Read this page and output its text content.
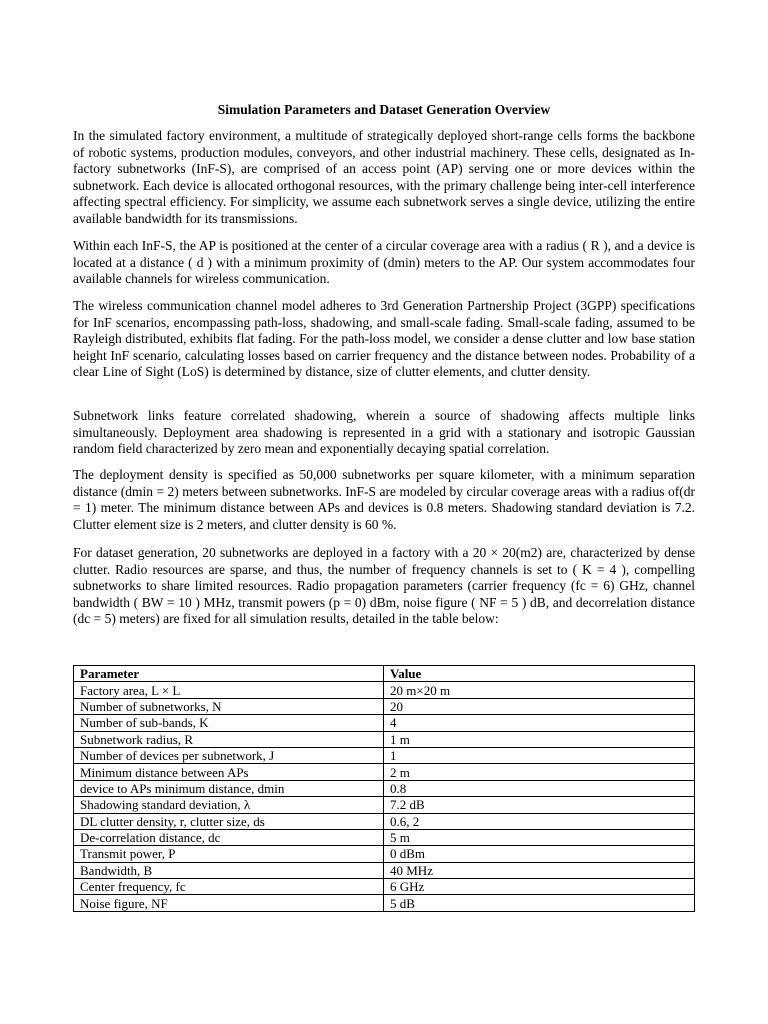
Simulation Parameters and Dataset Generation Overview

In the simulated factory environment, a multitude of strategically deployed short-range cells forms the backbone of robotic systems, production modules, conveyors, and other industrial machinery. These cells, designated as In-factory subnetworks (InF-S), are comprised of an access point (AP) serving one or more devices within the subnetwork. Each device is allocated orthogonal resources, with the primary challenge being inter-cell interference affecting spectral efficiency. For simplicity, we assume each subnetwork serves a single device, utilizing the entire available bandwidth for its transmissions.

Within each InF-S, the AP is positioned at the center of a circular coverage area with a radius ( R ), and a device is located at a distance ( d ) with a minimum proximity of (dmin) meters to the AP. Our system accommodates four available channels for wireless communication.

The wireless communication channel model adheres to 3rd Generation Partnership Project (3GPP) specifications for InF scenarios, encompassing path-loss, shadowing, and small-scale fading. Small-scale fading, assumed to be Rayleigh distributed, exhibits flat fading. For the path-loss model, we consider a dense clutter and low base station height InF scenario, calculating losses based on carrier frequency and the distance between nodes. Probability of a clear Line of Sight (LoS) is determined by distance, size of clutter elements, and clutter density.

Subnetwork links feature correlated shadowing, wherein a source of shadowing affects multiple links simultaneously. Deployment area shadowing is represented in a grid with a stationary and isotropic Gaussian random field characterized by zero mean and exponentially decaying spatial correlation.

The deployment density is specified as 50,000 subnetworks per square kilometer, with a minimum separation distance (dmin = 2) meters between subnetworks. InF-S are modeled by circular coverage areas with a radius of(dr = 1) meter. The minimum distance between APs and devices is 0.8 meters. Shadowing standard deviation is 7.2. Clutter element size is 2 meters, and clutter density is 60 %.

For dataset generation, 20 subnetworks are deployed in a factory with a 20 × 20(m2) are, characterized by dense clutter. Radio resources are sparse, and thus, the number of frequency channels is set to ( K = 4 ), compelling subnetworks to share limited resources. Radio propagation parameters (carrier frequency (fc = 6) GHz, channel bandwidth ( BW = 10 ) MHz, transmit powers (p = 0) dBm, noise figure ( NF = 5 ) dB, and decorrelation distance (dc = 5) meters) are fixed for all simulation results, detailed in the table below:

Parameter	Value
Factory area, L × L	20 m×20 m
Number of subnetworks, N	20
Number of sub-bands, K	4
Subnetwork radius, R	1 m
Number of devices per subnetwork, J	1
Minimum distance between APs	2 m
device to APs minimum distance, dmin	0.8
Shadowing standard deviation, λ	7.2 dB
DL clutter density, r, clutter size, ds	0.6, 2
De-correlation distance, dc	5 m
Transmit power, P	0 dBm
Bandwidth, B	40 MHz
Center frequency, fc	6 GHz
Noise figure, NF	5 dB
